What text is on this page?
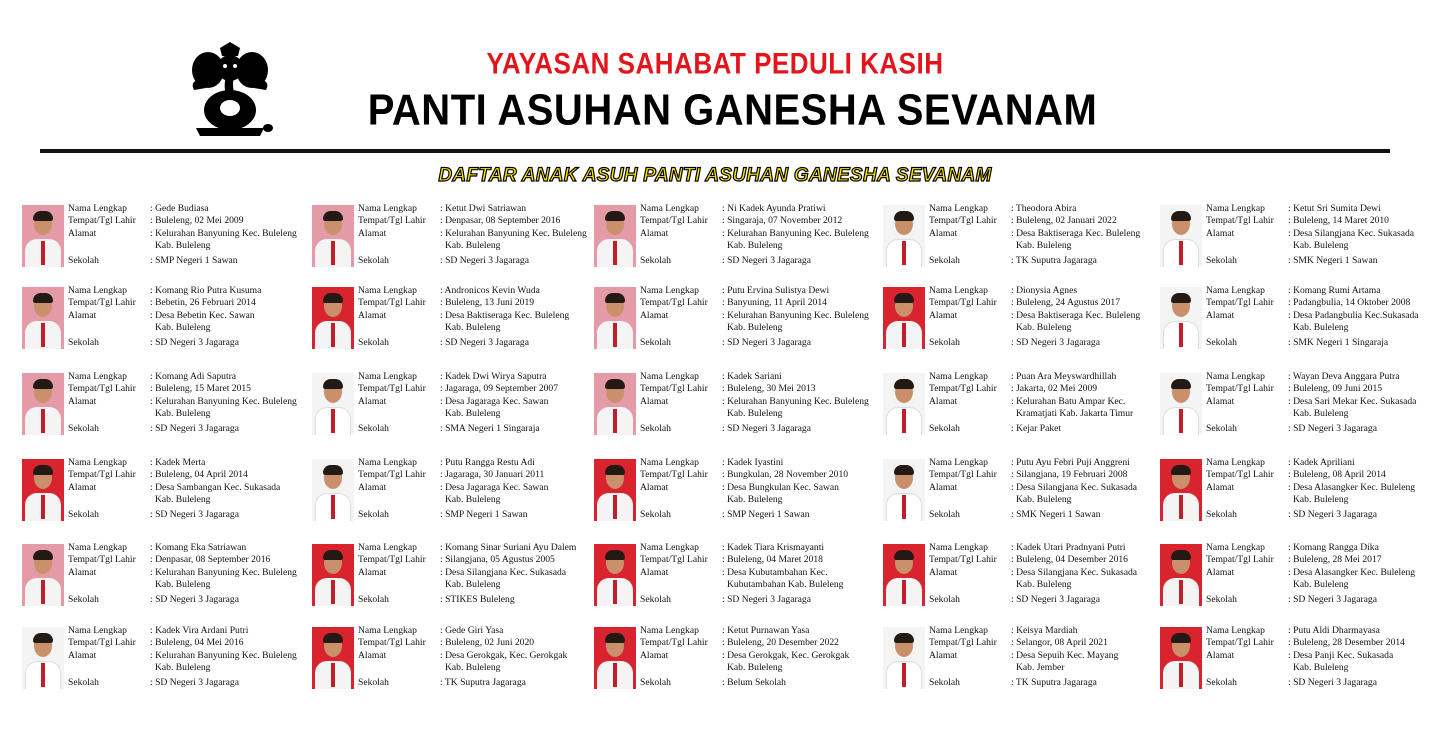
YAYASAN SAHABAT PEDULI KASIH
PANTI ASUHAN GANESHA SEVANAM
DAFTAR ANAK ASUH PANTI ASUHAN GANESHA SEVANAM
Nama Lengkap : Gede Budiasa
Tempat/Tgl Lahir : Buleleng, 02 Mei 2009
Alamat	: Kelurahan Banyuning Kec. Buleleng
Kab. Buleleng
Sekolah	: SMP Negeri 1 Sawan
Nama Lengkap : Ketut Dwi Satriawan
Tempat/Tgl Lahir : Denpasar, 08 September 2016
Alamat	: Kelurahan Banyuning Kec. Buleleng
Kab. Buleleng
Sekolah	: SD Negeri 3 Jagaraga
Nama Lengkap : Ni Kadek Ayunda Pratiwi
Tempat/Tgl Lahir : Singaraja, 07 November 2012
Alamat	: Kelurahan Banyuning Kec. Buleleng
Kab. Buleleng
Sekolah	: SD Negeri 3 Jagaraga
Nama Lengkap : Theodora Abira
Tempat/Tgl Lahir : Buleleng, 02 Januari 2022
Alamat	: Desa Baktiseraga Kec. Buleleng
Kab. Buleleng
Sekolah	: TK Suputra Jagaraga
Nama Lengkap : Ketut Sri Sumita Dewi
Tempat/Tgl Lahir : Buleleng, 14 Maret 2010
Alamat	: Desa Silangjana Kec. Sukasada
Kab. Buleleng
Sekolah	: SMK Negeri 1 Sawan
Nama Lengkap : Komang Rio Putra Kusuma
Tempat/Tgl Lahir : Bebetin, 26 Februari 2014
Alamat	: Desa Bebetin Kec. Sawan
Kab. Buleleng
Sekolah	: SD Negeri 3 Jagaraga
Nama Lengkap : Andronicos Kevin Wuda
Tempat/Tgl Lahir : Buleleng, 13 Juni 2019
Alamat	: Desa Baktiseraga Kec. Buleleng
Kab. Buleleng
Sekolah	: SD Negeri 3 Jagaraga
Nama Lengkap : Putu Ervina Sulistya Dewi
Tempat/Tgl Lahir : Banyuning, 11 April 2014
Alamat	: Kelurahan Banyuning Kec. Buleleng
Kab. Buleleng
Sekolah	: SD Negeri 3 Jagaraga
Nama Lengkap : Dionysia Agnes
Tempat/Tgl Lahir : Buleleng, 24 Agustus 2017
Alamat	: Desa Baktiseraga Kec. Buleleng
Kab. Buleleng
Sekolah	: SD Negeri 3 Jagaraga
Nama Lengkap : Komang Rumi Artama
Tempat/Tgl Lahir : Padangbulia, 14 Oktober 2008
Alamat	: Desa Padangbulia Kec.Sukasada
Kab. Buleleng
Sekolah	: SMK Negeri 1 Singaraja
Nama Lengkap : Komang Adi Saputra
Tempat/Tgl Lahir : Buleleng, 15 Maret 2015
Alamat	: Kelurahan Banyuning Kec. Buleleng
Kab. Buleleng
Sekolah	: SD Negeri 3 Jagaraga
Nama Lengkap : Kadek Dwi Wirya Saputra
Tempat/Tgl Lahir : Jagaraga, 09 September 2007
Alamat	: Desa Jagaraga Kec. Sawan
Kab. Buleleng
Sekolah	: SMA Negeri 1 Singaraja
Nama Lengkap : Kadek Sariani
Tempat/Tgl Lahir : Buleleng, 30 Mei 2013
Alamat	: Kelurahan Banyuning Kec. Buleleng
Kab. Buleleng
Sekolah	: SD Negeri 3 Jagaraga
Nama Lengkap : Puan Ara Meyswardhillah
Tempat/Tgl Lahir : Jakarta, 02 Mei 2009
Alamat	: Kelurahan Batu Ampar Kec.
Kramatjati Kab. Jakarta Timur
Sekolah	: Kejar Paket
Nama Lengkap : Wayan Deva Anggara Putra
Tempat/Tgl Lahir : Buleleng, 09 Juni 2015
Alamat	: Desa Sari Mekar Kec. Sukasada
Kab. Buleleng
Sekolah	: SD Negeri 3 Jagaraga
Nama Lengkap : Kadek Merta
Tempat/Tgl Lahir : Buleleng, 04 April 2014
Alamat	: Desa Sambangan Kec. Sukasada
Kab. Buleleng
Sekolah	: SD Negeri 3 Jagaraga
Nama Lengkap : Putu Rangga Restu Adi
Tempat/Tgl Lahir : Jagaraga, 30 Januari 2011
Alamat	: Desa Jagaraga Kec. Sawan
Kab. Buleleng
Sekolah	: SMP Negeri 1 Sawan
Nama Lengkap : Kadek Iyastini
Tempat/Tgl Lahir : Bungkulan, 28 November 2010
Alamat	: Desa Bungkulan Kec. Sawan
Kab. Buleleng
Sekolah	: SMP Negeri 1 Sawan
Nama Lengkap : Putu Ayu Febri Puji Anggreni
Tempat/Tgl Lahir : Silangjana, 19 Februari 2008
Alamat	: Desa Silangjana Kec. Sukasada
Kab. Buleleng
Sekolah	: SMK Negeri 1 Sawan
Nama Lengkap : Kadek Apriliani
Tempat/Tgl Lahir : Buleleng, 08 April 2014
Alamat	: Desa Alasangker Kec. Buleleng
Kab. Buleleng
Sekolah	: SD Negeri 3 Jagaraga
Nama Lengkap : Komang Eka Satriawan
Tempat/Tgl Lahir : Denpasar, 08 September 2016
Alamat	: Kelurahan Banyuning Kec. Buleleng
Kab. Buleleng
Sekolah	: SD Negeri 3 Jagaraga
Nama Lengkap : Komang Sinar Suriani Ayu Dalem
Tempat/Tgl Lahir : Silangjana, 05 Agustus 2005
Alamat	: Desa Silangjana Kec. Sukasada
Kab. Buleleng
Sekolah	: STIKES Buleleng
Nama Lengkap : Kadek Tiara Krismayanti
Tempat/Tgl Lahir : Buleleng, 04 Maret 2018
Alamat	: Desa Kubutambahan Kec.
Kubutambahan Kab. Buleleng
Sekolah	: SD Negeri 3 Jagaraga
Nama Lengkap : Kadek Utari Pradnyani Putri
Tempat/Tgl Lahir : Buleleng, 04 Desember 2016
Alamat	: Desa Silangjana Kec. Sukasada
Kab. Buleleng
Sekolah	: SD Negeri 3 Jagaraga
Nama Lengkap : Komang Rangga Dika
Tempat/Tgl Lahir : Buleleng, 28 Mei 2017
Alamat	: Desa Alasangker Kec. Buleleng
Kab. Buleleng
Sekolah	: SD Negeri 3 Jagaraga
Nama Lengkap : Kadek Vira Ardani Putri
Tempat/Tgl Lahir : Buleleng, 04 Mei 2016
Alamat	: Kelurahan Banyuning Kec. Buleleng
Kab. Buleleng
Sekolah	: SD Negeri 3 Jagaraga
Nama Lengkap : Gede Giri Yasa
Tempat/Tgl Lahir : Buleleng, 02 Juni 2020
Alamat	: Desa Gerokgak, Kec. Gerokgak
Kab. Buleleng
Sekolah	: TK Suputra Jagaraga
Nama Lengkap : Ketut Purnawan Yasa
Tempat/Tgl Lahir : Buleleng, 20 Desember 2022
Alamat	: Desa Gerokgak, Kec. Gerokgak
Kab. Buleleng
Sekolah	: Belum Sekolah
Nama Lengkap : Keisya Mardiah
Tempat/Tgl Lahir : Selangor, 08 April 2021
Alamat	: Desa Sepuih Kec. Mayang
Kab. Jember
Sekolah	: TK Suputra Jagaraga
Nama Lengkap : Putu Aldi Dharmayasa
Tempat/Tgl Lahir : Buleleng, 28 Desember 2014
Alamat	: Desa Panji Kec. Sukasada
Kab. Buleleng
Sekolah	: SD Negeri 3 Jagaraga
